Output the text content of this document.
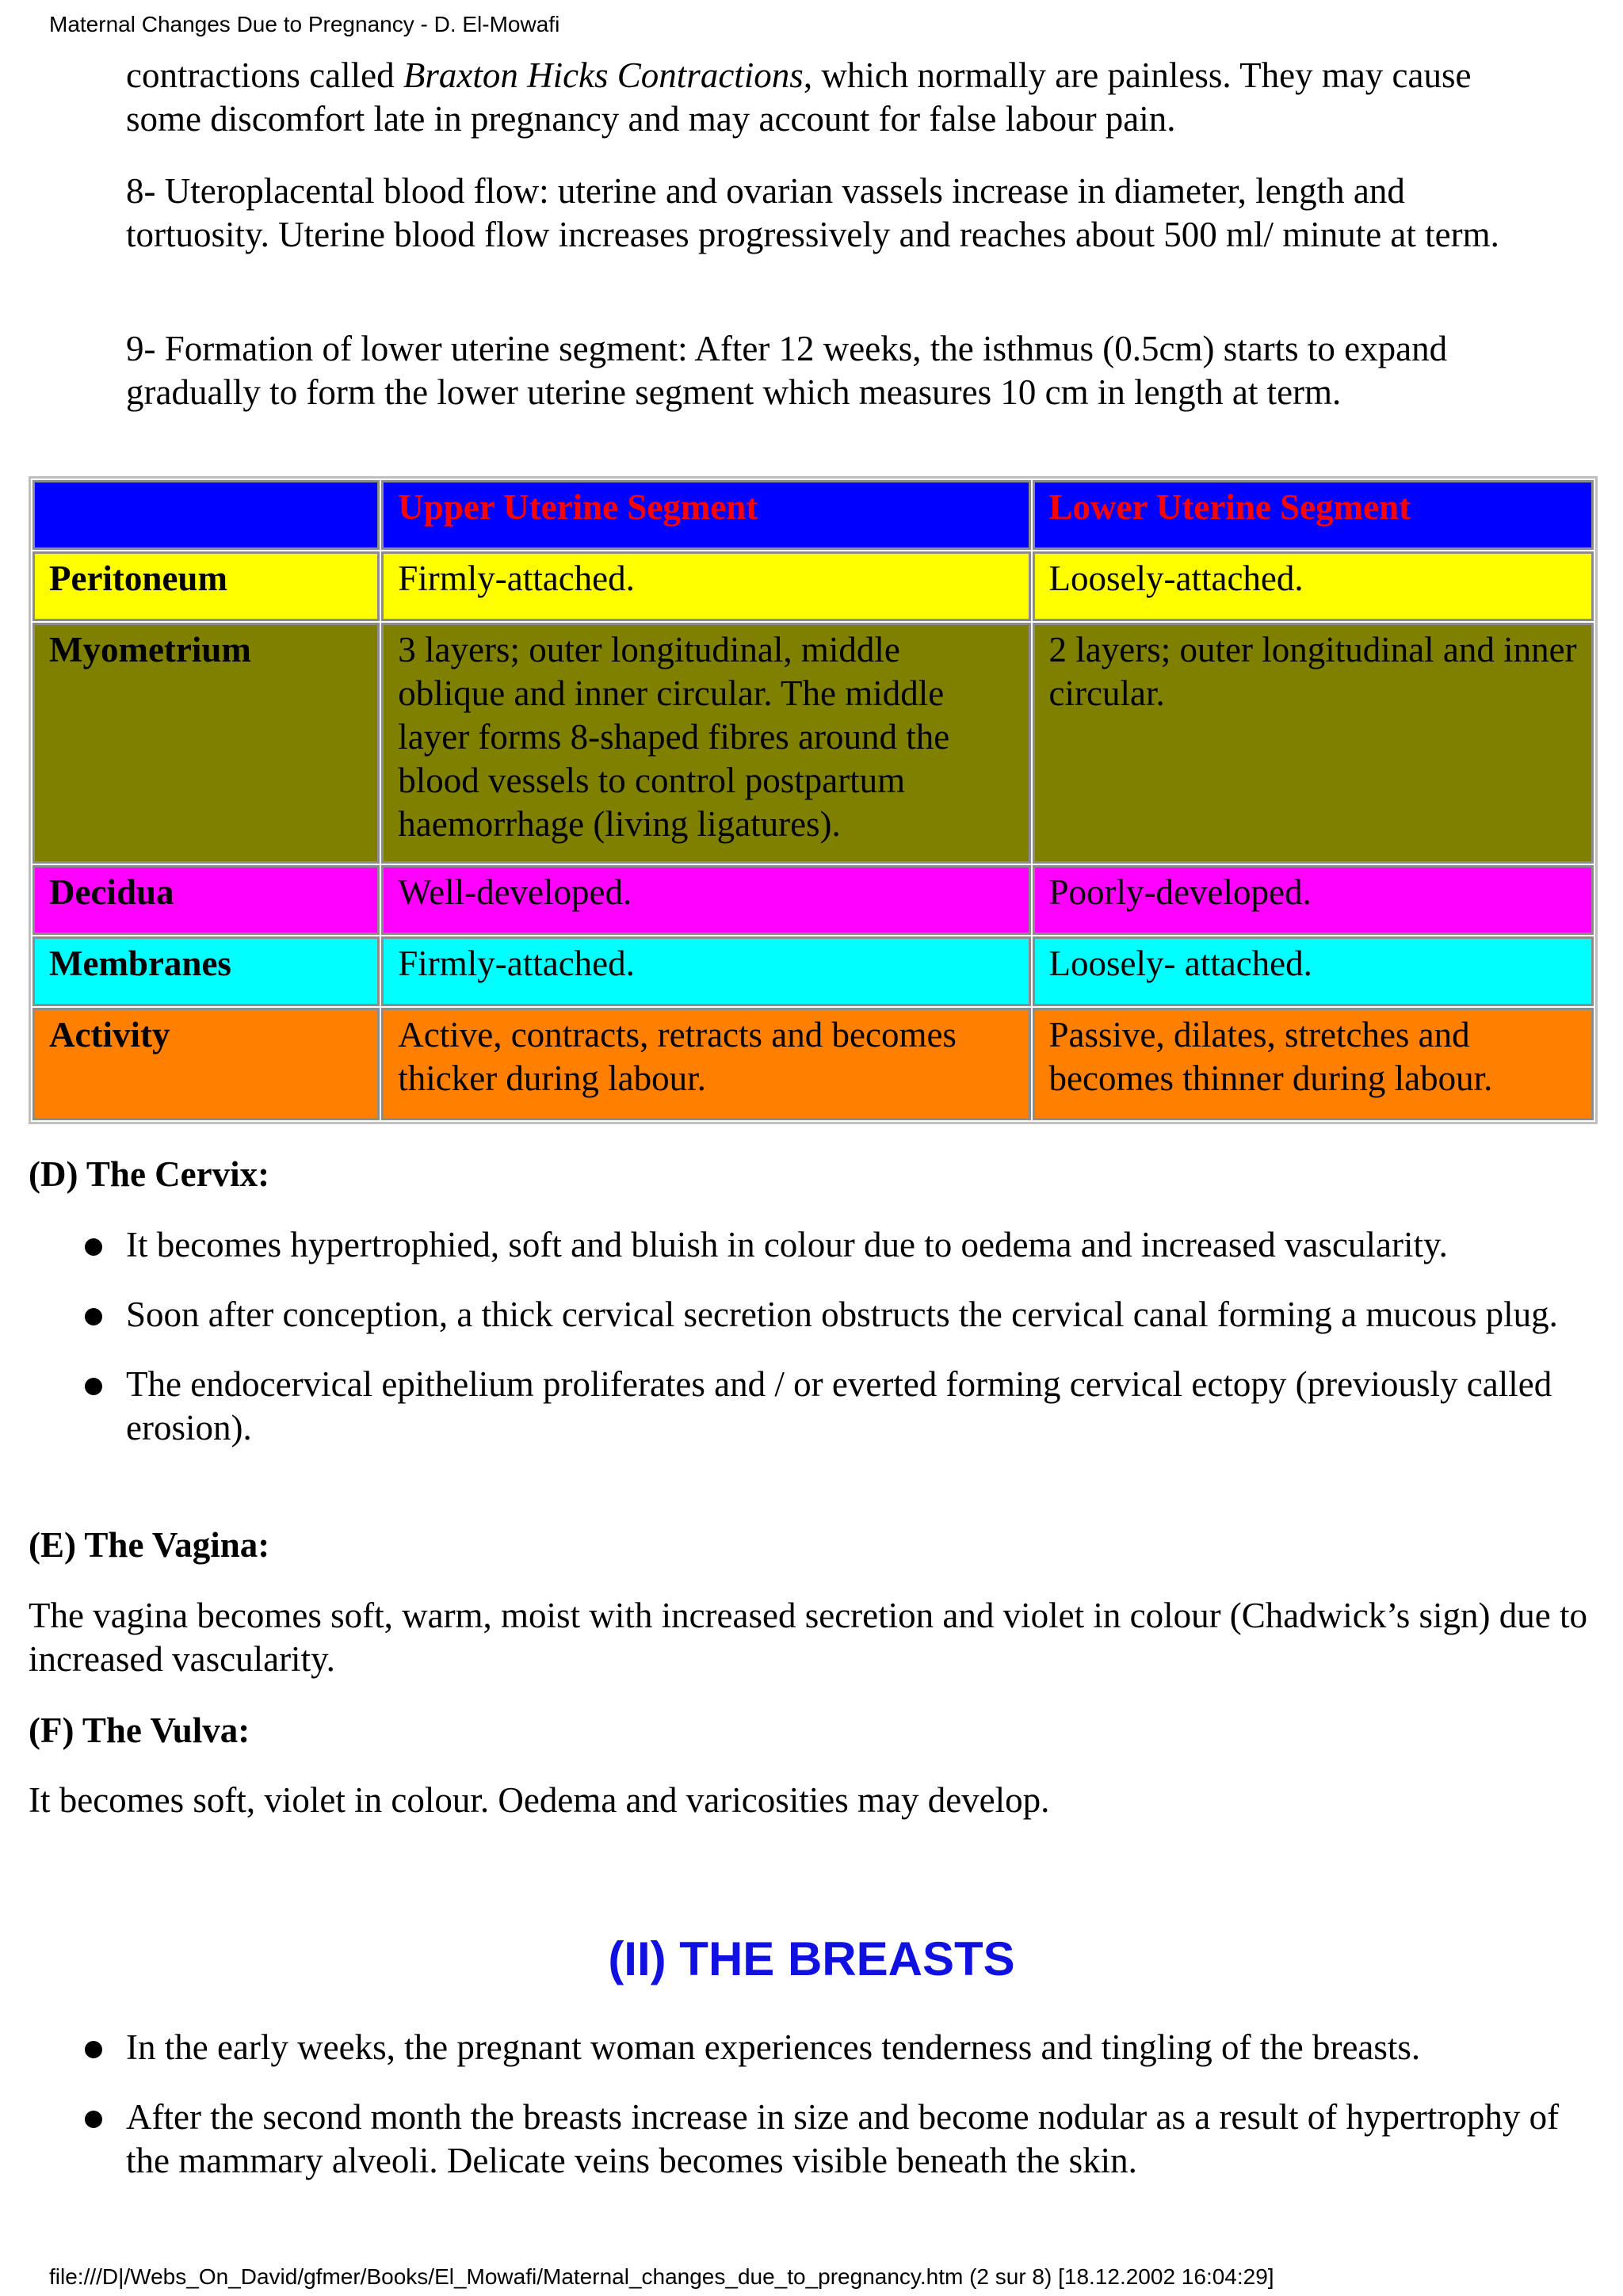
Maternal Changes Due to Pregnancy - D. El-Mowafi

contractions called Braxton Hicks Contractions, which normally are painless. They may cause some discomfort late in pregnancy and may account for false labour pain.

8- Uteroplacental blood flow: uterine and ovarian vassels increase in diameter, length and tortuosity. Uterine blood flow increases progressively and reaches about 500 ml/ minute at term.

9- Formation of lower uterine segment: After 12 weeks, the isthmus (0.5cm) starts to expand gradually to form the lower uterine segment which measures 10 cm in length at term.

	Upper Uterine Segment	Lower Uterine Segment
Peritoneum	Firmly-attached.	Loosely-attached.
Myometrium	3 layers; outer longitudinal, middle oblique and inner circular. The middle layer forms 8-shaped fibres around the blood vessels to control postpartum haemorrhage (living ligatures).	2 layers; outer longitudinal and inner circular.
Decidua	Well-developed.	Poorly-developed.
Membranes	Firmly-attached.	Loosely- attached.
Activity	Active, contracts, retracts and becomes thicker during labour.	Passive, dilates, stretches and becomes thinner during labour.
(D) The Cervix:
It becomes hypertrophied, soft and bluish in colour due to oedema and increased vascularity.
Soon after conception, a thick cervical secretion obstructs the cervical canal forming a mucous plug.
The endocervical epithelium proliferates and / or everted forming cervical ectopy (previously called erosion).
(E) The Vagina:

The vagina becomes soft, warm, moist with increased secretion and violet in colour (Chadwick’s sign) due to increased vascularity.

(F) The Vulva:

It becomes soft, violet in colour. Oedema and varicosities may develop.

(II) THE BREASTS
In the early weeks, the pregnant woman experiences tenderness and tingling of the breasts.
After the second month the breasts increase in size and become nodular as a result of hypertrophy of the mammary alveoli. Delicate veins becomes visible beneath the skin.
file:///D|/Webs_On_David/gfmer/Books/El_Mowafi/Maternal_changes_due_to_pregnancy.htm (2 sur 8) [18.12.2002 16:04:29]
